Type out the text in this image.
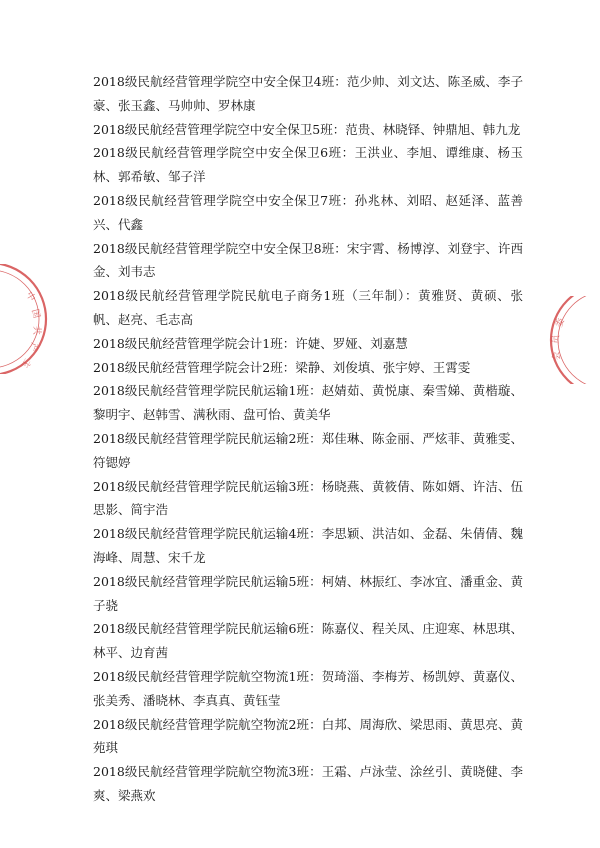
2018级民航经营管理学院空中安全保卫4班：范少帅、刘文达、陈圣威、李子豪、张玉鑫、马帅帅、罗林康

2018级民航经营管理学院空中安全保卫5班：范贵、林晓铎、钟鼎旭、韩九龙

2018级民航经营管理学院空中安全保卫6班：王洪业、李旭、谭维康、杨玉林、郭希敏、邹子洋

2018级民航经营管理学院空中安全保卫7班：孙兆林、刘昭、赵延泽、蓝善兴、代鑫

2018级民航经营管理学院空中安全保卫8班：宋宇霄、杨博淳、刘登宇、许西金、刘韦志

2018级民航经营管理学院民航电子商务1班（三年制）：黄雅贤、黄硕、张帆、赵亮、毛志高

2018级民航经营管理学院会计1班：许婕、罗娅、刘嘉慧

2018级民航经营管理学院会计2班：梁静、刘俊填、张宇婷、王霄雯

2018级民航经营管理学院民航运输1班：赵婧茹、黄悦康、秦雪娣、黄楷璇、黎明宇、赵韩雪、满秋雨、盘可怡、黄美华

2018级民航经营管理学院民航运输2班：郑佳琳、陈金丽、严炫菲、黄雅雯、符锶婷

2018级民航经营管理学院民航运输3班：杨晓燕、黄筱倩、陈如婿、许洁、伍思影、简宇浩

2018级民航经营管理学院民航运输4班：李思颖、洪洁如、金磊、朱倩倩、魏海峰、周慧、宋千龙

2018级民航经营管理学院民航运输5班：柯婧、林振红、李冰宜、潘重金、黄子骁

2018级民航经营管理学院民航运输6班：陈嘉仪、程关凤、庄迎寒、林思琪、林平、边育茜

2018级民航经营管理学院航空物流1班：贺琦淄、李梅芳、杨凯婷、黄嘉仪、张美秀、潘晓林、李真真、黄钰莹

2018级民航经营管理学院航空物流2班：白邦、周海欣、梁思雨、黄思亮、黄苑琪

2018级民航经营管理学院航空物流3班：王霜、卢泳莹、涂丝引、黄晓健、李爽、梁燕欢

中
国
共
产
主
委
员
会
